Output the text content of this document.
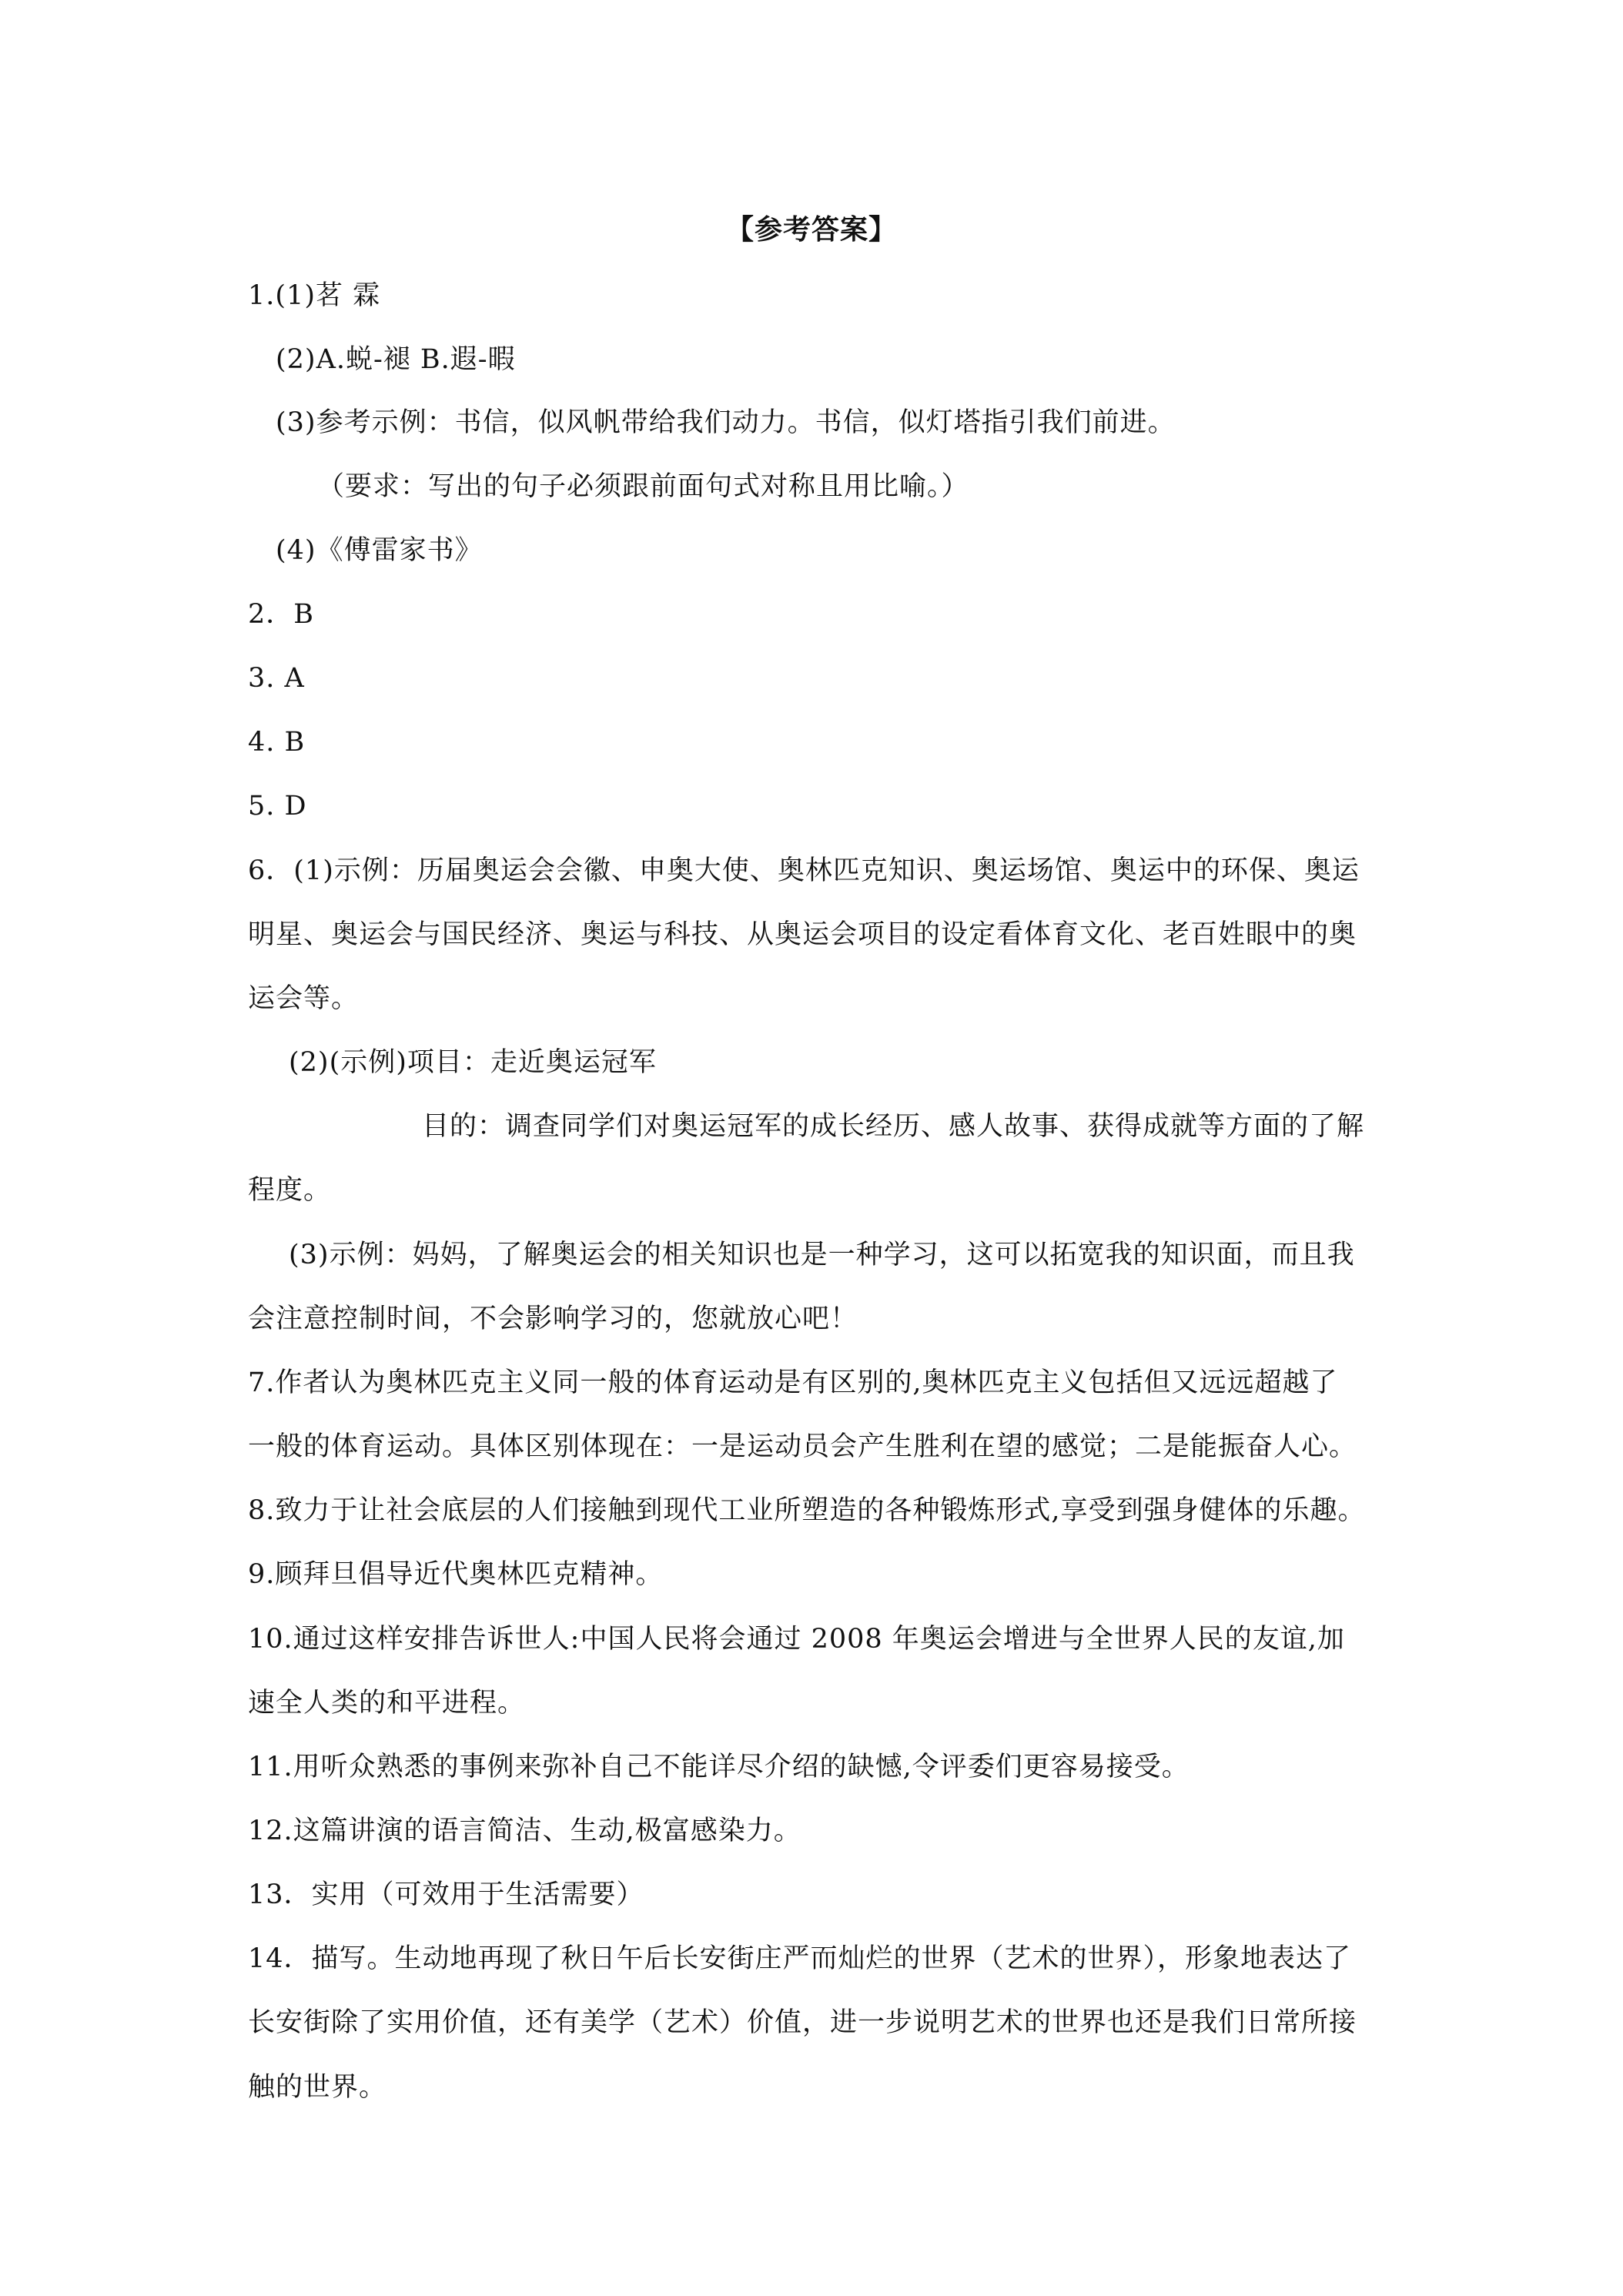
【参考答案】
1.(1)茗 霖
(2)A.蜕-褪 B.遐-暇
(3)参考示例：书信，似风帆带给我们动力。书信，似灯塔指引我们前进。
（要求：写出的句子必须跟前面句式对称且用比喻。）
(4)《傅雷家书》
2．B
3. A
4. B
5. D
6．(1)示例：历届奥运会会徽、申奥大使、奥林匹克知识、奥运场馆、奥运中的环保、奥运
明星、奥运会与国民经济、奥运与科技、从奥运会项目的设定看体育文化、老百姓眼中的奥
运会等。
(2)(示例)项目：走近奥运冠军
目的：调查同学们对奥运冠军的成长经历、感人故事、获得成就等方面的了解
程度。
(3)示例：妈妈，了解奥运会的相关知识也是一种学习，这可以拓宽我的知识面，而且我
会注意控制时间，不会影响学习的，您就放心吧！
7.作者认为奥林匹克主义同一般的体育运动是有区别的,奥林匹克主义包括但又远远超越了
一般的体育运动。具体区别体现在：一是运动员会产生胜利在望的感觉；二是能振奋人心。
8.致力于让社会底层的人们接触到现代工业所塑造的各种锻炼形式,享受到强身健体的乐趣。
9.顾拜旦倡导近代奥林匹克精神。
10.通过这样安排告诉世人:中国人民将会通过 2008 年奥运会增进与全世界人民的友谊,加
速全人类的和平进程。
11.用听众熟悉的事例来弥补自己不能详尽介绍的缺憾,令评委们更容易接受。
12.这篇讲演的语言简洁、生动,极富感染力。
13．实用（可效用于生活需要）
14．描写。生动地再现了秋日午后长安街庄严而灿烂的世界（艺术的世界），形象地表达了
长安街除了实用价值，还有美学（艺术）价值，进一步说明艺术的世界也还是我们日常所接
触的世界。
